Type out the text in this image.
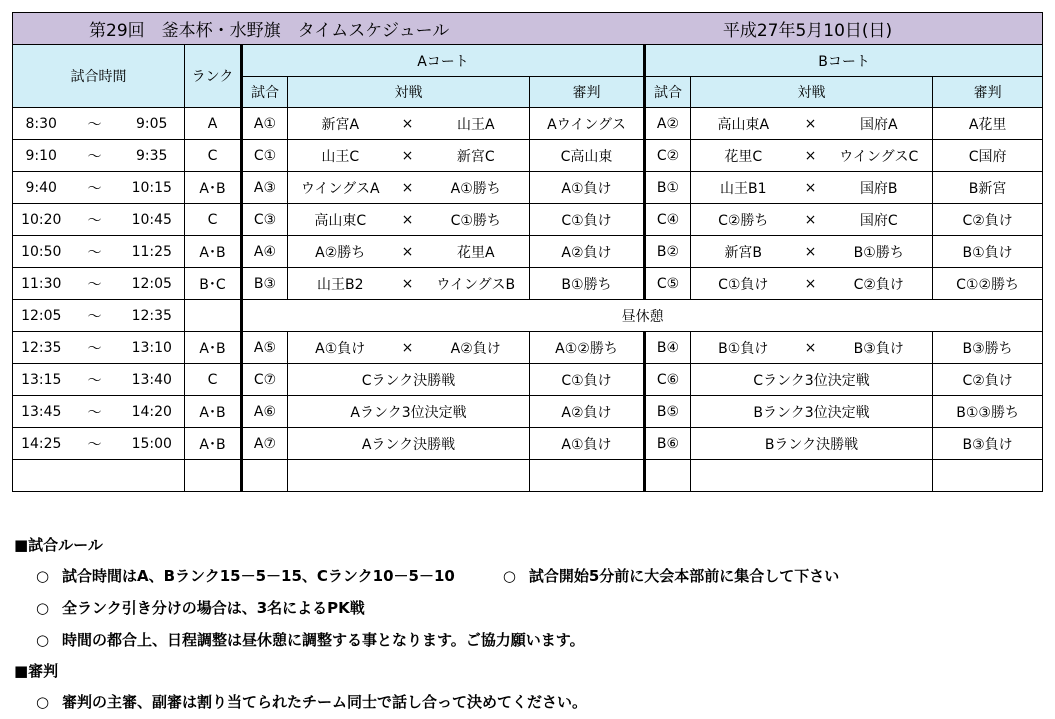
第29回　釜本杯・水野旗　タイムスケジュール 平成27年5月10日(日)													

試合時間			ランク	Aコート					Bコート				
				試合	対戦			審判	試合	対戦			審判
8:30	～	9:05	A	A①	新宮A	×	山王A	Aウイングス	A②	高山東A	×	国府A	A花里
9:10	～	9:35	C	C①	山王C	×	新宮C	C高山東	C②	花里C	×	ウイングスC	C国府
9:40	～	10:15	A･B	A③	ウイングスA	×	A①勝ち	A①負け	B①	山王B1	×	国府B	B新宮
10:20	～	10:45	C	C③	高山東C	×	C①勝ち	C①負け	C④	C②勝ち	×	国府C	C②負け
10:50	～	11:25	A･B	A④	A②勝ち	×	花里A	A②負け	B②	新宮B	×	B①勝ち	B①負け
11:30	～	12:05	B･C	B③	山王B2	×	ウイングスB	B①勝ち	C⑤	C①負け	×	C②負け	C①②勝ち
12:05	～	12:35		昼休憩									
12:35	～	13:10	A･B	A⑤	A①負け	×	A②負け	A①②勝ち	B④	B①負け	×	B③負け	B③勝ち
13:15	～	13:40	C	C⑦	Cランク決勝戦			C①負け	C⑥	Cランク3位決定戦			C②負け
13:45	～	14:20	A･B	A⑥	Aランク3位決定戦			A②負け	B⑤	Bランク3位決定戦			B①③勝ち
14:25	～	15:00	A･B	A⑦	Aランク決勝戦			A①負け	B⑥	Bランク決勝戦			B③負け

■試合ルール
○ 試合時間はA、Bランク15－5－15、Cランク10－5－10	○ 試合開始5分前に大会本部前に集合して下さい
○ 全ランク引き分けの場合は、3名によるPK戦
○ 時間の都合上、日程調整は昼休憩に調整する事となります。ご協力願います。
■審判
○ 審判の主審、副審は割り当てられたチーム同士で話し合って決めてください。
